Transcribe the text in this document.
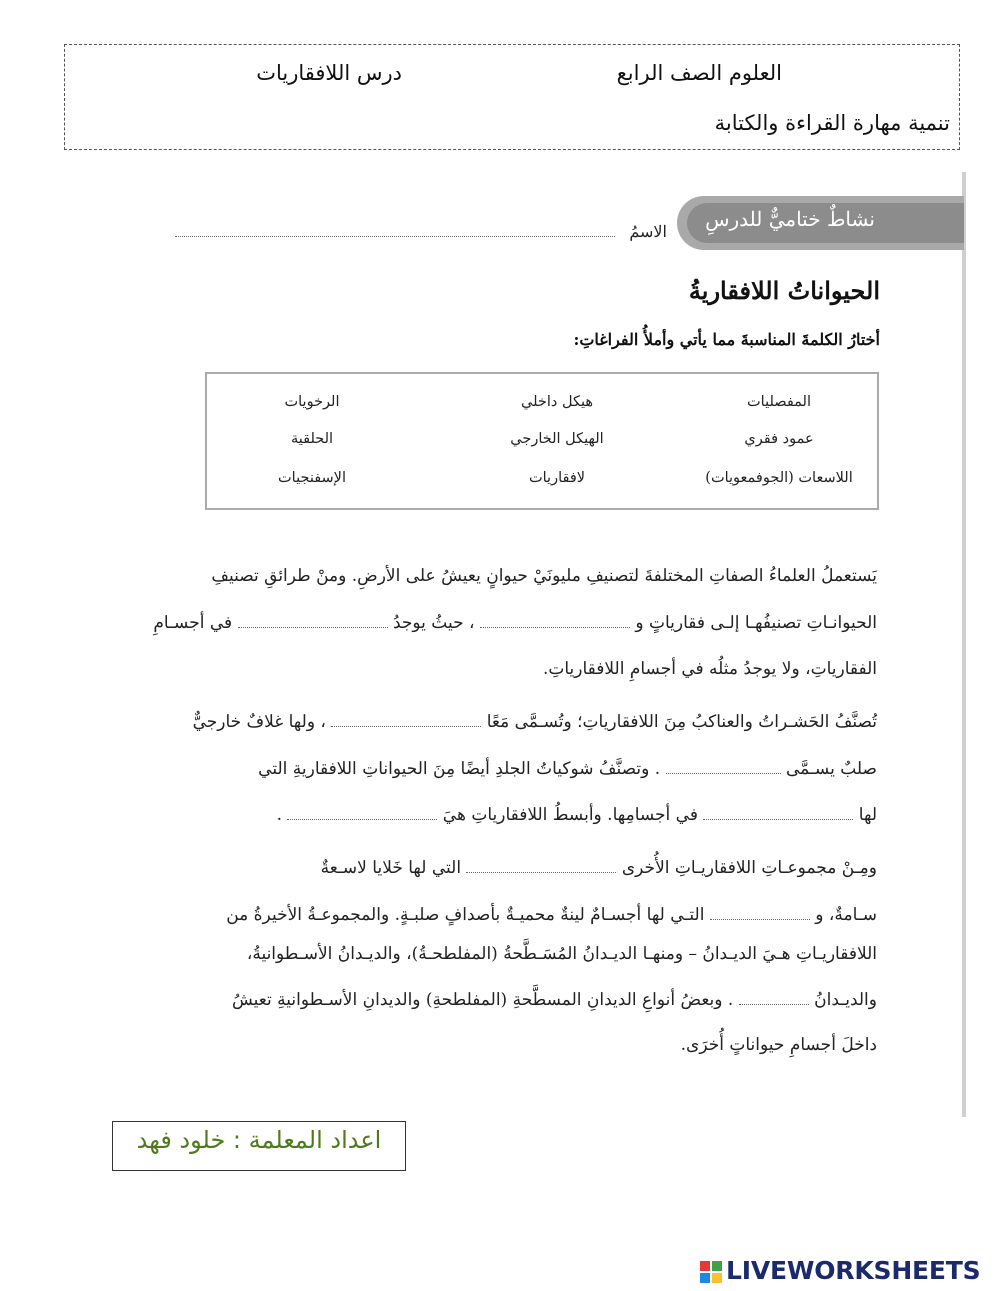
العلوم الصف الرابع
درس اللافقاريات
تنمية مهارة القراءة والكتابة
نشاطٌ ختاميٌّ للدرسِ
الاسمُ
الحيواناتُ اللافقاريةُ
أختارُ الكلمةَ المناسبةَ مما يأتي وأملأُ الفراغاتِ:
المفصليات
هيكل داخلي
الرخويات
عمود فقري
الهيكل الخارجي
الحلقية
اللاسعات (الجوفمعويات)
لافقاريات
الإسفنجيات
يَستعملُ العلماءُ الصفاتِ المختلفةَ لتصنيفِ مليونَيْ حيوانٍ يعيشُ على الأرضِ. ومنْ طرائقِ تصنيفِ
الحيوانـاتِ تصنيفُهـا إلـى فقارياتٍ و  ، حيثُ يوجدُ  في أجسـامِ
الفقارياتِ، ولا يوجدُ مثلُه في أجسامِ اللافقارياتِ.
تُصنَّفُ الحَشـراتُ والعناكبُ مِنَ اللافقارياتِ؛ وتُسـمَّى مَعًا  ، ولها غلافٌ خارجيٌّ
صلبٌ يسـمَّى  . وتصنَّفُ شوكياتُ الجلدِ أيضًا مِنَ الحيواناتِ اللافقاريةِ التي
لها  في أجسامِها. وأبسطُ اللافقارياتِ هيَ  .
ومِـنْ مجموعـاتِ اللافقاريـاتِ الأُخرى  التي لها خَلايا لاسـعةٌ
سـامةٌ، و  التـي لها أجسـامٌ لينةٌ محميـةٌ بأصدافٍ صلبـةٍ. والمجموعـةُ الأخيرةُ من
اللافقاريـاتِ هـيَ الديـدانُ – ومنهـا الديـدانُ المُسَـطَّحةُ (المفلطحـةُ)، والديـدانُ الأسـطوانيةُ،
والديـدانُ  . وبعضُ أنواعِ الديدانِ المسطَّحةِ (المفلطحةِ) والديدانِ الأسـطوانيةِ تعيشُ
داخلَ أجسامِ حيواناتٍ أُخرَى.
اعداد المعلمة : خلود فهد
LIVEWORKSHEETS
